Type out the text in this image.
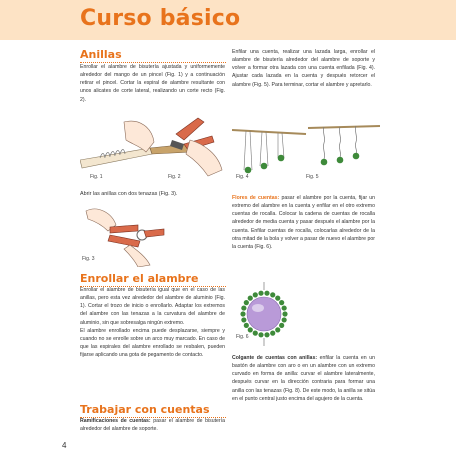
Curso básico
Anillas

Enrollar el alambre de bisutería ajustada y uniformemente alrededor del mango de un pincel (Fig. 1) y a continuación retirar el pincel. Cortar la espiral de alambre resultante con unos alicates de corte lateral, realizando un corte recto (Fig. 2).

Fig. 1	Fig. 2
Abrir las anillas con dos tenazas (Fig. 3).
Fig. 3
Enrollar el alambre

Enrollar el alambre de bisutería igual que en el caso de las anillas, pero esta vez alrededor del alambre de aluminio (Fig. 1). Cortar el trozo de inicio o enrollarlo. Adaptar los extremos del alambre con las tenazas a la curvatura del alambre de aluminio, sin que sobresalga ningún extremo.

El alambre enrollado encima puede desplazarse, siempre y cuando no se enrolle sobre un arco muy marcado. En caso de que las espirales del alambre enrollado se resbalen, pueden fijarse aplicando una gota de pegamento de contacto.

Trabajar con cuentas

Ramificaciones de cuentas: pasar el alambre de bisutería alrededor del alambre de soporte.

Enfilar una cuenta, realizar una lazada larga, enrollar el alambre de bisutería alrededor del alambre de soporte y volver a formar otra lazada con una cuenta enfilada (Fig. 4). Ajustar cada lazada en la cuenta y después retorcer el alambre (Fig. 5). Para terminar, cortar el alambre y apretarlo.

Fig. 4	Fig. 5

Flores de cuentas: pasar el alambre por la cuenta, fijar un extremo del alambre en la cuenta y enfilar en el otro extremo cuentas de rocalla. Colocar la cadena de cuentas de rocalla alrededor de media cuenta y pasar después el alambre por la cuenta. Enfilar cuentas de rocalla, colocarlas alrededor de la otra mitad de la bola y volver a pasar de nuevo el alambre por la cuenta (Fig. 6).

Fig. 6

Colgante de cuentas con anillas: enfilar la cuenta en un bastón de alambre con aro o en un alambre con un extremo curvado en forma de anilla: curvar el alambre lateralmente, después curvar en la dirección contraria para formar una anilla con las tenazas (Fig. 8). De este modo, la anilla se sitúa en el punto central justo encima del agujero de la cuenta.

4
